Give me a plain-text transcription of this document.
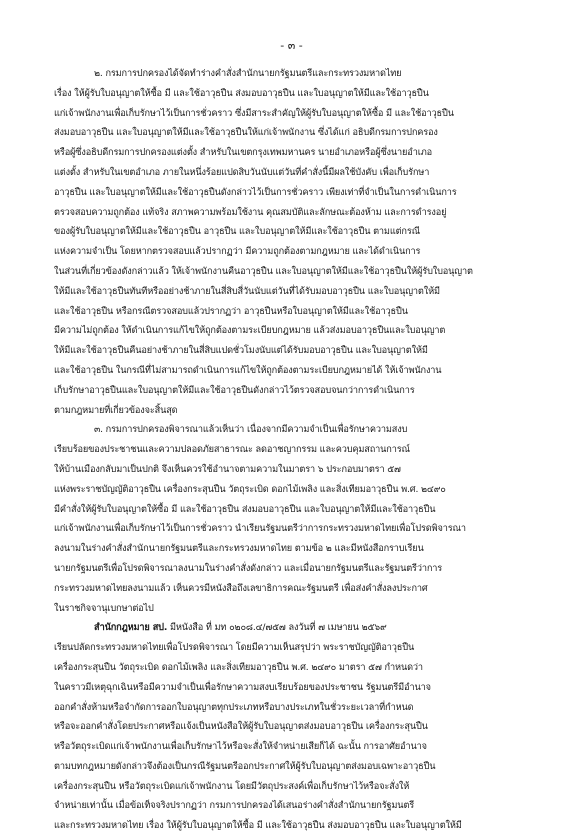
- ๓ -
๒. กรมการปกครองได้จัดทำร่างคำสั่งสำนักนายกรัฐมนตรีและกระทรวงมหาดไทย
เรื่อง ให้ผู้รับใบอนุญาตให้ซื้อ มี และใช้อาวุธปืน ส่งมอบอาวุธปืน และใบอนุญาตให้มีและใช้อาวุธปืน
แก่เจ้าพนักงานเพื่อเก็บรักษาไว้เป็นการชั่วคราว ซึ่งมีสาระสำคัญให้ผู้รับใบอนุญาตให้ซื้อ มี และใช้อาวุธปืน
ส่งมอบอาวุธปืน และใบอนุญาตให้มีและใช้อาวุธปืนให้แก่เจ้าพนักงาน ซึ่งได้แก่ อธิบดีกรมการปกครอง
หรือผู้ซึ่งอธิบดีกรมการปกครองแต่งตั้ง สำหรับในเขตกรุงเทพมหานคร นายอำเภอหรือผู้ซึ่งนายอำเภอ
แต่งตั้ง สำหรับในเขตอำเภอ ภายในหนึ่งร้อยแปดสิบวันนับแต่วันที่คำสั่งนี้มีผลใช้บังคับ เพื่อเก็บรักษา
อาวุธปืน และใบอนุญาตให้มีและใช้อาวุธปืนดังกล่าวไว้เป็นการชั่วคราว เพียงเท่าที่จำเป็นในการดำเนินการ
ตรวจสอบความถูกต้อง แท้จริง สภาพความพร้อมใช้งาน คุณสมบัติและลักษณะต้องห้าม และการดำรงอยู่
ของผู้รับใบอนุญาตให้มีและใช้อาวุธปืน อาวุธปืน และใบอนุญาตให้มีและใช้อาวุธปืน ตามแต่กรณี
แห่งความจำเป็น โดยหากตรวจสอบแล้วปรากฏว่า มีความถูกต้องตามกฎหมาย และได้ดำเนินการ
ในส่วนที่เกี่ยวข้องดังกล่าวแล้ว ให้เจ้าพนักงานคืนอาวุธปืน และใบอนุญาตให้มีและใช้อาวุธปืนให้ผู้รับใบอนุญาต
ให้มีและใช้อาวุธปืนทันทีหรืออย่างช้าภายในสี่สิบสี่วันนับแต่วันที่ได้รับมอบอาวุธปืน และใบอนุญาตให้มี
และใช้อาวุธปืน หรือกรณีตรวจสอบแล้วปรากฏว่า อาวุธปืนหรือใบอนุญาตให้มีและใช้อาวุธปืน
มีความไม่ถูกต้อง ให้ดำเนินการแก้ไขให้ถูกต้องตามระเบียบกฎหมาย แล้วส่งมอบอาวุธปืนและใบอนุญาต
ให้มีและใช้อาวุธปืนคืนอย่างช้าภายในสี่สิบแปดชั่วโมงนับแต่ได้รับมอบอาวุธปืน และใบอนุญาตให้มี
และใช้อาวุธปืน ในกรณีที่ไม่สามารถดำเนินการแก้ไขให้ถูกต้องตามระเบียบกฎหมายได้ ให้เจ้าพนักงาน
เก็บรักษาอาวุธปืนและใบอนุญาตให้มีและใช้อาวุธปืนดังกล่าวไว้ตรวจสอบจนกว่าการดำเนินการ
ตามกฎหมายที่เกี่ยวข้องจะสิ้นสุด
๓. กรมการปกครองพิจารณาแล้วเห็นว่า เนื่องจากมีความจำเป็นเพื่อรักษาความสงบ
เรียบร้อยของประชาชนและความปลอดภัยสาธารณะ ลดอาชญากรรม และควบคุมสถานการณ์
ให้บ้านเมืองกลับมาเป็นปกติ จึงเห็นควรใช้อำนาจตามความในมาตรา ๖ ประกอบมาตรา ๕๗
แห่งพระราชบัญญัติอาวุธปืน เครื่องกระสุนปืน วัตถุระเบิด ดอกไม้เพลิง และสิ่งเทียมอาวุธปืน พ.ศ. ๒๔๙๐
มีคำสั่งให้ผู้รับใบอนุญาตให้ซื้อ มี และใช้อาวุธปืน ส่งมอบอาวุธปืน และใบอนุญาตให้มีและใช้อาวุธปืน
แก่เจ้าพนักงานเพื่อเก็บรักษาไว้เป็นการชั่วคราว นำเรียนรัฐมนตรีว่าการกระทรวงมหาดไทยเพื่อโปรดพิจารณา
ลงนามในร่างคำสั่งสำนักนายกรัฐมนตรีและกระทรวงมหาดไทย ตามข้อ ๒ และมีหนังสือกราบเรียน
นายกรัฐมนตรีเพื่อโปรดพิจารณาลงนามในร่างคำสั่งดังกล่าว และเมื่อนายกรัฐมนตรีและรัฐมนตรีว่าการ
กระทรวงมหาดไทยลงนามแล้ว เห็นควรมีหนังสือถึงเลขาธิการคณะรัฐมนตรี เพื่อส่งคำสั่งลงประกาศ
ในราชกิจจานุเบกษาต่อไป
สำนักกฎหมาย สป. มีหนังสือ ที่ มท ๐๒๐๘.๔/๗๕๗ ลงวันที่ ๗ เมษายน ๒๕๖๙
เรียนปลัดกระทรวงมหาดไทยเพื่อโปรดพิจารณา โดยมีความเห็นสรุปว่า พระราชบัญญัติอาวุธปืน
เครื่องกระสุนปืน วัตถุระเบิด ดอกไม้เพลิง และสิ่งเทียมอาวุธปืน พ.ศ. ๒๔๙๐ มาตรา ๕๗ กำหนดว่า
ในคราวมีเหตุฉุกเฉินหรือมีความจำเป็นเพื่อรักษาความสงบเรียบร้อยของประชาชน รัฐมนตรีมีอำนาจ
ออกคำสั่งห้ามหรือจำกัดการออกใบอนุญาตทุกประเภทหรือบางประเภทในชั่วระยะเวลาที่กำหนด
หรือจะออกคำสั่งโดยประกาศหรือแจ้งเป็นหนังสือให้ผู้รับใบอนุญาตส่งมอบอาวุธปืน เครื่องกระสุนปืน
หรือวัตถุระเบิดแก่เจ้าพนักงานเพื่อเก็บรักษาไว้หรือจะสั่งให้จำหน่ายเสียก็ได้ ฉะนั้น การอาศัยอำนาจ
ตามบทกฎหมายดังกล่าวจึงต้องเป็นกรณีรัฐมนตรีออกประกาศให้ผู้รับใบอนุญาตส่งมอบเฉพาะอาวุธปืน
เครื่องกระสุนปืน หรือวัตถุระเบิดแก่เจ้าพนักงาน โดยมีวัตถุประสงค์เพื่อเก็บรักษาไว้หรือจะสั่งให้
จำหน่ายเท่านั้น เมื่อข้อเท็จจริงปรากฏว่า กรมการปกครองได้เสนอร่างคำสั่งสำนักนายกรัฐมนตรี
และกระทรวงมหาดไทย เรื่อง ให้ผู้รับใบอนุญาตให้ซื้อ มี และใช้อาวุธปืน ส่งมอบอาวุธปืน และใบอนุญาตให้มี
